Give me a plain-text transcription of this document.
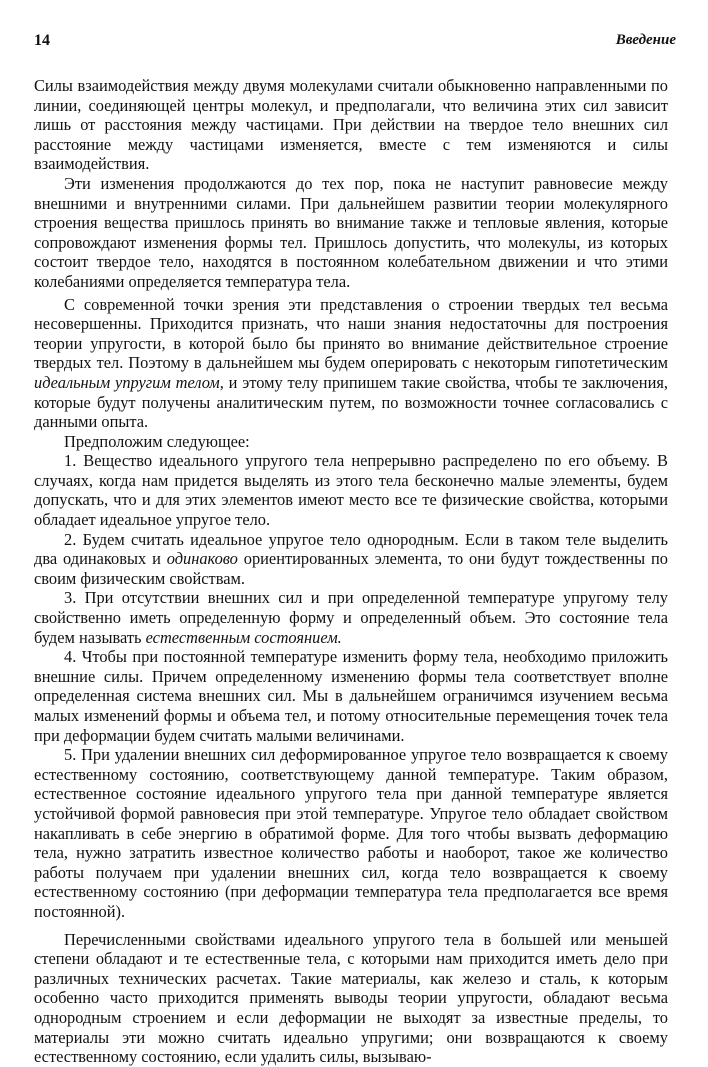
14	Введение

Силы взаимодействия между двумя молекулами считали обыкновенно направленными по линии, соединяющей центры молекул, и предполагали, что величина этих сил зависит лишь от расстояния между частицами. При действии на твердое тело внешних сил расстояние между частицами изменяется, вместе с тем изменяются и силы взаимодействия.

Эти изменения продолжаются до тех пор, пока не наступит равновесие между внешними и внутренними силами. При дальнейшем развитии теории молекулярного строения вещества пришлось принять во внимание также и тепловые явления, которые сопровождают изменения формы тел. Пришлось допустить, что молекулы, из которых состоит твердое тело, находятся в постоянном колебательном движении и что этими колебаниями определяется температура тела.

С современной точки зрения эти представления о строении твердых тел весьма несовершенны. Приходится признать, что наши знания недостаточны для построения теории упругости, в которой было бы принято во внимание действительное строение твердых тел. Поэтому в дальнейшем мы будем оперировать с некоторым гипотетическим идеальным упругим телом, и этому телу припишем такие свойства, чтобы те заключения, которые будут получены аналитическим путем, по возможности точнее согласовались с данными опыта.

Предположим следующее:

1. Вещество идеального упругого тела непрерывно распределено по его объему. В случаях, когда нам придется выделять из этого тела бесконечно малые элементы, будем допускать, что и для этих элементов имеют место все те физические свойства, которыми обладает идеальное упругое тело.

2. Будем считать идеальное упругое тело однородным. Если в таком теле выделить два одинаковых и одинаково ориентированных элемента, то они будут тождественны по своим физическим свойствам.

3. При отсутствии внешних сил и при определенной температуре упругому телу свойственно иметь определенную форму и определенный объем. Это состояние тела будем называть естественным состоянием.

4. Чтобы при постоянной температуре изменить форму тела, необходимо приложить внешние силы. Причем определенному изменению формы тела соответствует вполне определенная система внешних сил. Мы в дальнейшем ограничимся изучением весьма малых изменений формы и объема тел, и потому относительные перемещения точек тела при деформации будем считать малыми величинами.

5. При удалении внешних сил деформированное упругое тело возвращается к своему естественному состоянию, соответствующему данной температуре. Таким образом, естественное состояние идеального упругого тела при данной температуре является устойчивой формой равновесия при этой температуре. Упругое тело обладает свойством накапливать в себе энергию в обратимой форме. Для того чтобы вызвать деформацию тела, нужно затратить известное количество работы и наоборот, такое же количество работы получаем при удалении внешних сил, когда тело возвращается к своему естественному состоянию (при деформации температура тела предполагается все время постоянной).

Перечисленными свойствами идеального упругого тела в большей или меньшей степени обладают и те естественные тела, с которыми нам приходится иметь дело при различных технических расчетах. Такие материалы, как железо и сталь, к которым особенно часто приходится применять выводы теории упругости, обладают весьма однородным строением и если деформации не выходят за известные пределы, то материалы эти можно считать идеально упругими; они возвращаются к своему естественному состоянию, если удалить силы, вызываю-
